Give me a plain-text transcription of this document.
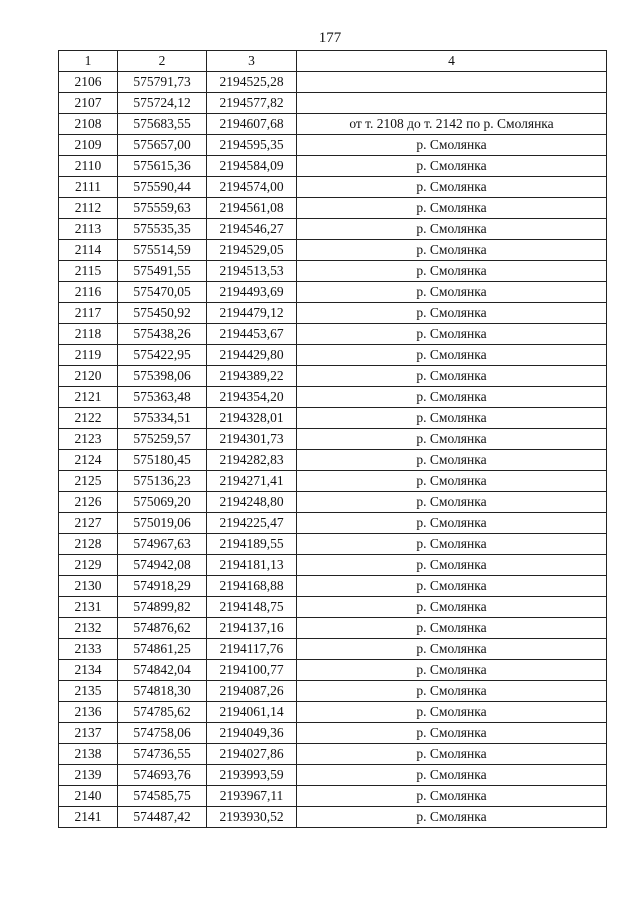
177
1	2	3	4
2106	575791,73	2194525,28	
2107	575724,12	2194577,82	
2108	575683,55	2194607,68	от т. 2108 до т. 2142 по р. Смолянка
2109	575657,00	2194595,35	р. Смолянка
2110	575615,36	2194584,09	р. Смолянка
2111	575590,44	2194574,00	р. Смолянка
2112	575559,63	2194561,08	р. Смолянка
2113	575535,35	2194546,27	р. Смолянка
2114	575514,59	2194529,05	р. Смолянка
2115	575491,55	2194513,53	р. Смолянка
2116	575470,05	2194493,69	р. Смолянка
2117	575450,92	2194479,12	р. Смолянка
2118	575438,26	2194453,67	р. Смолянка
2119	575422,95	2194429,80	р. Смолянка
2120	575398,06	2194389,22	р. Смолянка
2121	575363,48	2194354,20	р. Смолянка
2122	575334,51	2194328,01	р. Смолянка
2123	575259,57	2194301,73	р. Смолянка
2124	575180,45	2194282,83	р. Смолянка
2125	575136,23	2194271,41	р. Смолянка
2126	575069,20	2194248,80	р. Смолянка
2127	575019,06	2194225,47	р. Смолянка
2128	574967,63	2194189,55	р. Смолянка
2129	574942,08	2194181,13	р. Смолянка
2130	574918,29	2194168,88	р. Смолянка
2131	574899,82	2194148,75	р. Смолянка
2132	574876,62	2194137,16	р. Смолянка
2133	574861,25	2194117,76	р. Смолянка
2134	574842,04	2194100,77	р. Смолянка
2135	574818,30	2194087,26	р. Смолянка
2136	574785,62	2194061,14	р. Смолянка
2137	574758,06	2194049,36	р. Смолянка
2138	574736,55	2194027,86	р. Смолянка
2139	574693,76	2193993,59	р. Смолянка
2140	574585,75	2193967,11	р. Смолянка
2141	574487,42	2193930,52	р. Смолянка
